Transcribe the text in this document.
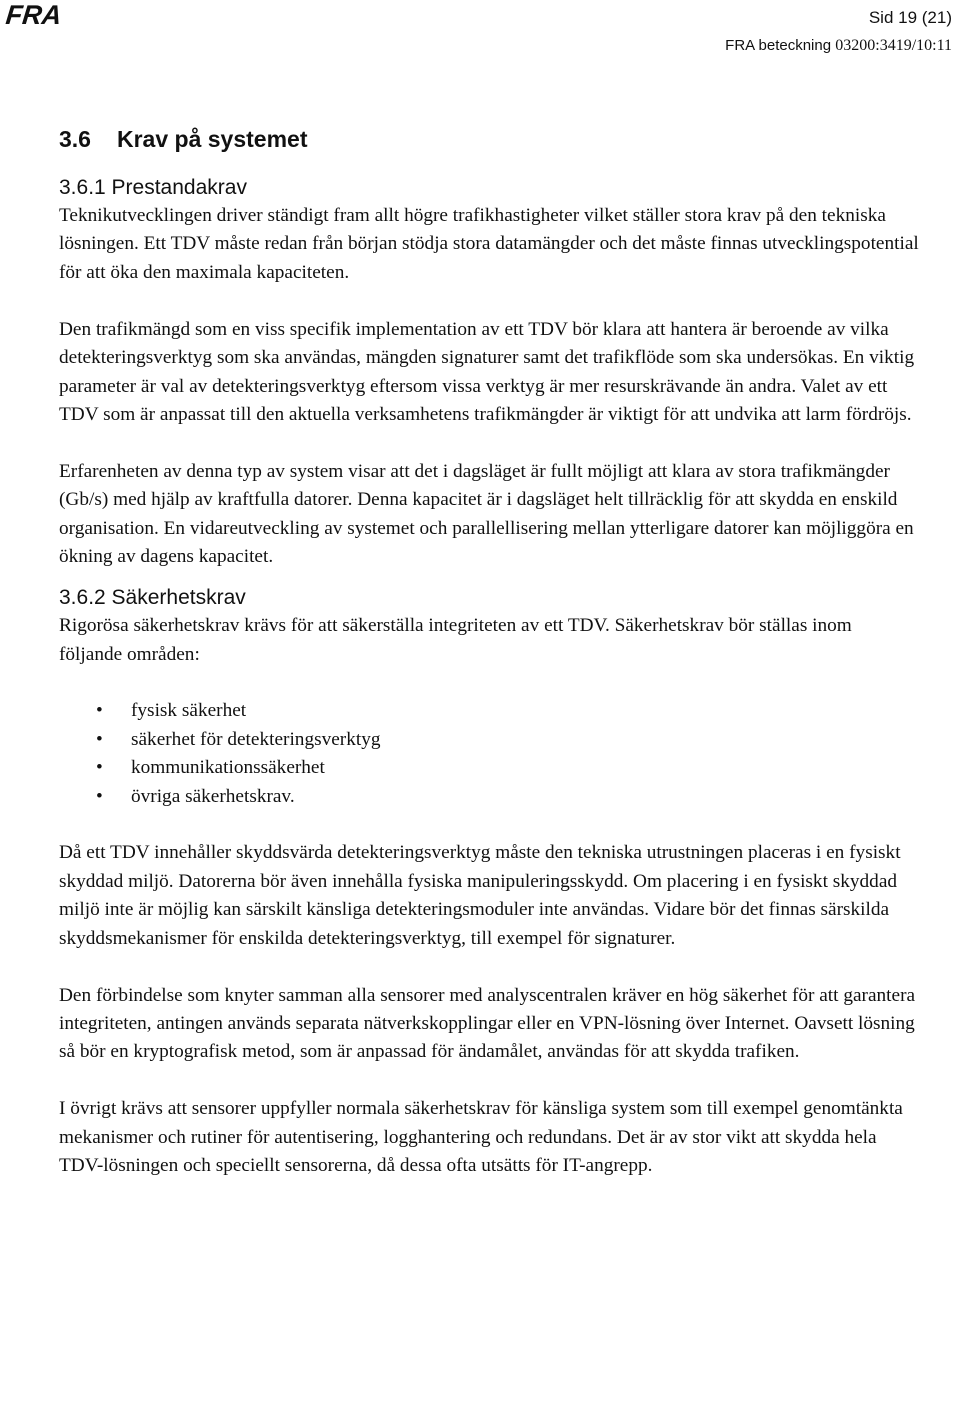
FRA	Sid 19 (21)
FRA beteckning 03200:3419/10:11
3.6 Krav på systemet
3.6.1 Prestandakrav

Teknikutvecklingen driver ständigt fram allt högre trafikhastigheter vilket ställer stora krav på den tekniska lösningen. Ett TDV måste redan från början stödja stora datamängder och det måste finnas utvecklingspotential för att öka den maximala kapaciteten.

Den trafikmängd som en viss specifik implementation av ett TDV bör klara att hantera är beroende av vilka detekteringsverktyg som ska användas, mängden signaturer samt det trafikflöde som ska undersökas. En viktig parameter är val av detekteringsverktyg eftersom vissa verktyg är mer resurskrävande än andra. Valet av ett TDV som är anpassat till den aktuella verksamhetens trafikmängder är viktigt för att undvika att larm fördröjs.

Erfarenheten av denna typ av system visar att det i dagsläget är fullt möjligt att klara av stora trafikmängder (Gb/s) med hjälp av kraftfulla datorer. Denna kapacitet är i dagsläget helt tillräcklig för att skydda en enskild organisation. En vidareutveckling av systemet och parallellisering mellan ytterligare datorer kan möjliggöra en ökning av dagens kapacitet.

3.6.2 Säkerhetskrav

Rigorösa säkerhetskrav krävs för att säkerställa integriteten av ett TDV. Säkerhetskrav bör ställas inom följande områden:

• fysisk säkerhet
• säkerhet för detekteringsverktyg
• kommunikationssäkerhet
• övriga säkerhetskrav.

Då ett TDV innehåller skyddsvärda detekteringsverktyg måste den tekniska utrustningen placeras i en fysiskt skyddad miljö. Datorerna bör även innehålla fysiska manipuleringsskydd. Om placering i en fysiskt skyddad miljö inte är möjlig kan särskilt känsliga detekteringsmoduler inte användas. Vidare bör det finnas särskilda skyddsmekanismer för enskilda detekteringsverktyg, till exempel för signaturer.

Den förbindelse som knyter samman alla sensorer med analyscentralen kräver en hög säkerhet för att garantera integriteten, antingen används separata nätverkskopplingar eller en VPN-lösning över Internet. Oavsett lösning så bör en kryptografisk metod, som är anpassad för ändamålet, användas för att skydda trafiken.

I övrigt krävs att sensorer uppfyller normala säkerhetskrav för känsliga system som till exempel genomtänkta mekanismer och rutiner för autentisering, logghantering och redundans. Det är av stor vikt att skydda hela TDV-lösningen och speciellt sensorerna, då dessa ofta utsätts för IT-angrepp.
